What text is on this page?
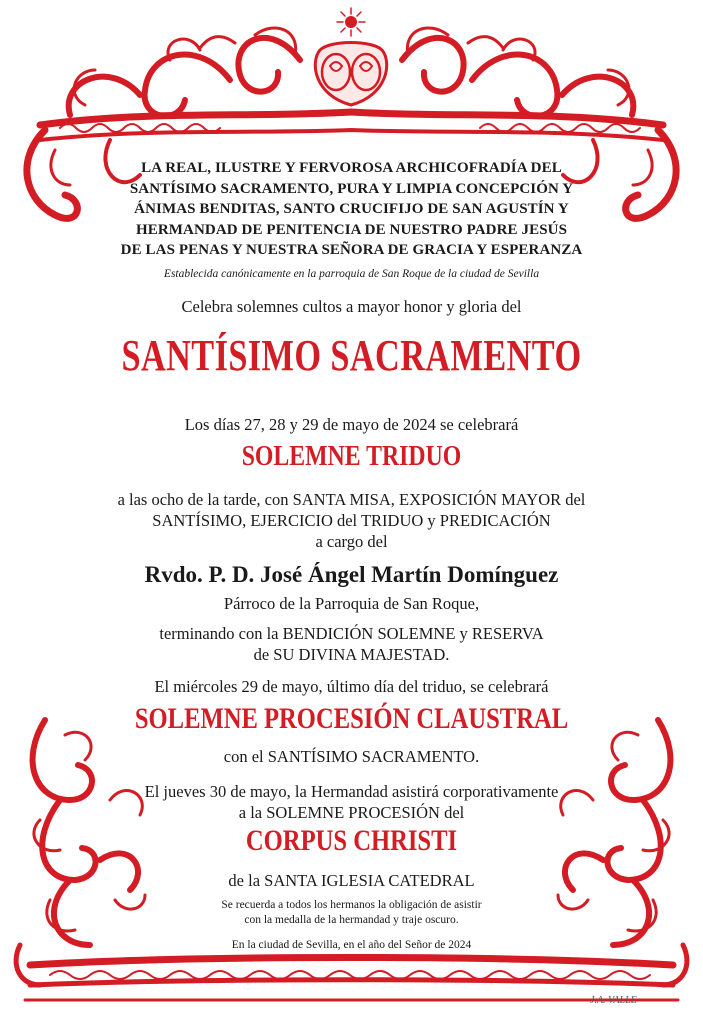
LA REAL, ILUSTRE Y FERVOROSA ARCHICOFRADÍA DEL
SANTÍSIMO SACRAMENTO, PURA Y LIMPIA CONCEPCIÓN Y
ÁNIMAS BENDITAS, SANTO CRUCIFIJO DE SAN AGUSTÍN Y
HERMANDAD DE PENITENCIA DE NUESTRO PADRE JESÚS
DE LAS PENAS Y NUESTRA SEÑORA DE GRACIA Y ESPERANZA

Establecida canónicamente en la parroquia de San Roque de la ciudad de Sevilla

Celebra solemnes cultos a mayor honor y gloria del

SANTÍSIMO SACRAMENTO

Los días 27, 28 y 29 de mayo de 2024 se celebrará

SOLEMNE TRIDUO

a las ocho de la tarde, con SANTA MISA, EXPOSICIÓN MAYOR del
SANTÍSIMO, EJERCICIO del TRIDUO y PREDICACIÓN
a cargo del

Rvdo. P. D. José Ángel Martín Domínguez

Párroco de la Parroquia de San Roque,

terminando con la BENDICIÓN SOLEMNE y RESERVA
de SU DIVINA MAJESTAD.

El miércoles 29 de mayo, último día del triduo, se celebrará

SOLEMNE PROCESIÓN CLAUSTRAL

con el SANTÍSIMO SACRAMENTO.

El jueves 30 de mayo, la Hermandad asistirá corporativamente
a la SOLEMNE PROCESIÓN del

CORPUS CHRISTI

de la SANTA IGLESIA CATEDRAL

Se recuerda a todos los hermanos la obligación de asistir
con la medalla de la hermandad y traje oscuro.

En la ciudad de Sevilla, en el año del Señor de 2024

J.A. VALLE
